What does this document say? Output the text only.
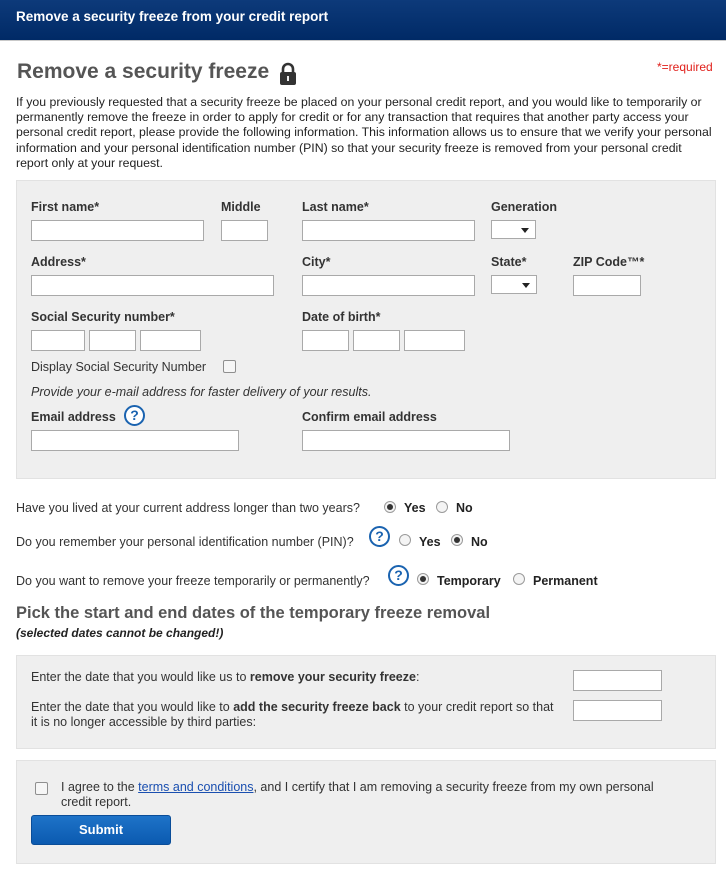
Remove a security freeze from your credit report
Remove a security freeze	*=required
If you previously requested that a security freeze be placed on your personal credit report, and you would like to temporarily or permanently remove the freeze in order to apply for credit or for any transaction that requires that another party access your personal credit report, please provide the following information. This information allows us to ensure that we verify your personal information and your personal identification number (PIN) so that your security freeze is removed from your personal credit report only at your request.
First name*	Middle	Last name*	Generation
Address*	City*	State*	ZIP Code™*
Social Security number*	Date of birth*
Display Social Security Number
Provide your e-mail address for faster delivery of your results.
Email address	?	Confirm email address
Have you lived at your current address longer than two years?	Yes No
Do you remember your personal identification number (PIN)?	?	Yes No
Do you want to remove your freeze temporarily or permanently?	?	Temporary	Permanent
Pick the start and end dates of the temporary freeze removal
(selected dates cannot be changed!)
Enter the date that you would like us to remove your security freeze:
Enter the date that you would like to add the security freeze back to your credit report so that it is no longer accessible by third parties:
I agree to the terms and conditions, and I certify that I am removing a security freeze from my own personal credit report.
Submit
